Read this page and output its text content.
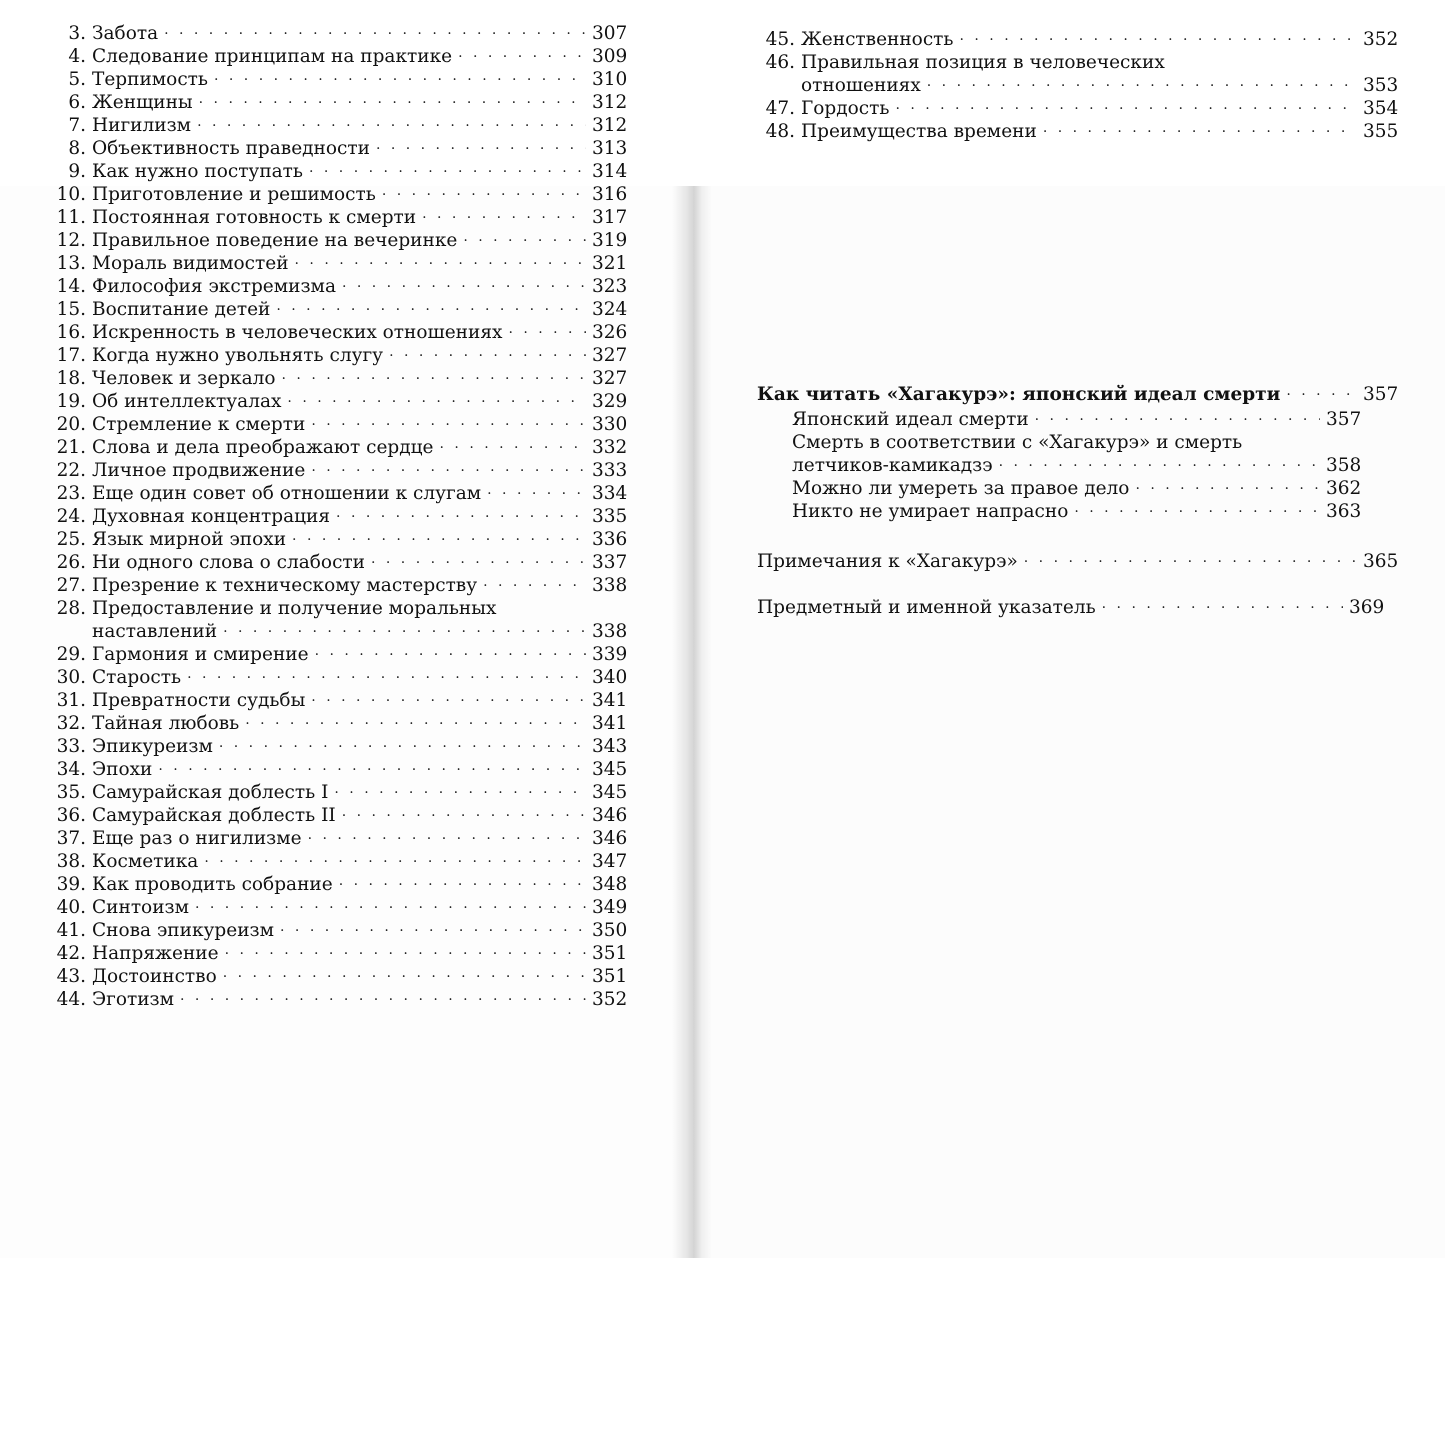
3. Забота . . .	307
4. Следование принципам на практике . . .	309
5. Терпимость . . .	310
6. Женщины . . .	312
7. Нигилизм . . .	312
8. Объективность праведности . . .	313
9. Как нужно поступать . . .	314
10. Приготовление и решимость . . .	316
11. Постоянная готовность к смерти . . .	317
12. Правильное поведение на вечеринке . . .	319
13. Мораль видимостей . . .	321
14. Философия экстремизма . . .	323
15. Воспитание детей . . .	324
16. Искренность в человеческих отношениях . . .	326
17. Когда нужно увольнять слугу . . .	327
18. Человек и зеркало . . .	327
19. Об интеллектуалах . . .	329
20. Стремление к смерти . . .	330
21. Слова и дела преображают сердце . . .	332
22. Личное продвижение . . .	333
23. Еще один совет об отношении к слугам . . .	334
24. Духовная концентрация . . .	335
25. Язык мирной эпохи . . .	336
26. Ни одного слова о слабости . . .	337
27. Презрение к техническому мастерству . . .	338
28. Предоставление и получение моральных
наставлений . . .	338
29. Гармония и смирение . . .	339
30. Старость . . .	340
31. Превратности судьбы . . .	341
32. Тайная любовь . . .	341
33. Эпикуреизм . . .	343
34. Эпохи . . .	345
35. Самурайская доблесть I . . .	345
36. Самурайская доблесть II . . .	346
37. Еще раз о нигилизме . . .	346
38. Косметика . . .	347
39. Как проводить собрание . . .	348
40. Синтоизм . . .	349
41. Снова эпикуреизм . . .	350
42. Напряжение . . .	351
43. Достоинство . . .	351
44. Эготизм . . .	352
45. Женственность . . .	352
46. Правильная позиция в человеческих
отношениях . . .	353
47. Гордость . . .	354
48. Преимущества времени . . .	355
Как читать «Хагакурэ»: японский идеал смерти . . .	357
Японский идеал смерти . . .	357
Смерть в соответствии с «Хагакурэ» и смерть
летчиков-камикадзэ . . .	358
Можно ли умереть за правое дело . . .	362
Никто не умирает напрасно . . .	363
Примечания к «Хагакурэ» . . .	365
Предметный и именной указатель . . .	369
